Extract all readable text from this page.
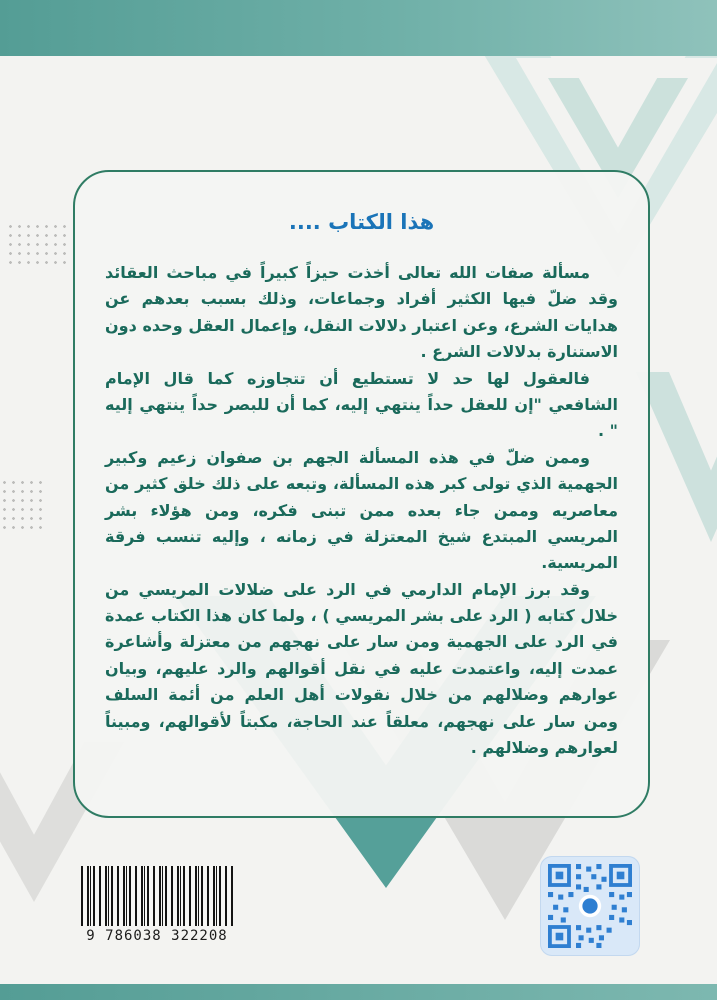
هذا الكتاب ....

مسألة صفات الله تعالى أخذت حيزاً كبيراً في مباحث العقائد وقد ضلّ فيها الكثير أفراد وجماعات، وذلك بسبب بعدهم عن هدايات الشرع، وعن اعتبار دلالات النقل، وإعمال العقل وحده دون الاستنارة بدلالات الشرع .

فالعقول لها حد لا تستطيع أن تتجاوزه كما قال الإمام الشافعي "إن للعقل حداً ينتهي إليه، كما أن للبصر حداً ينتهي إليه " .

وممن ضلّ في هذه المسألة الجهم بن صفوان زعيم وكبير الجهمية الذي تولى كبر هذه المسألة، وتبعه على ذلك خلق كثير من معاصريه وممن جاء بعده ممن تبنى فكره، ومن هؤلاء بشر المريسي المبتدع شيخ المعتزلة في زمانه ، وإليه تنسب فرقة المريسية.

وقد برز الإمام الدارمي في الرد على ضلالات المريسي من خلال كتابه ( الرد على بشر المريسي ) ، ولما كان هذا الكتاب عمدة في الرد على الجهمية ومن سار على نهجهم من معتزلة وأشاعرة عمدت إليه، واعتمدت عليه في نقل أقوالهم والرد عليهم، وبيان عوارهم وضلالهم من خلال نقولات أهل العلم من أئمة السلف ومن سار على نهجهم، معلقاً عند الحاجة، مكبتاً لأقوالهم، ومبيناً لعوارهم وضلالهم .

9 786038 322208
